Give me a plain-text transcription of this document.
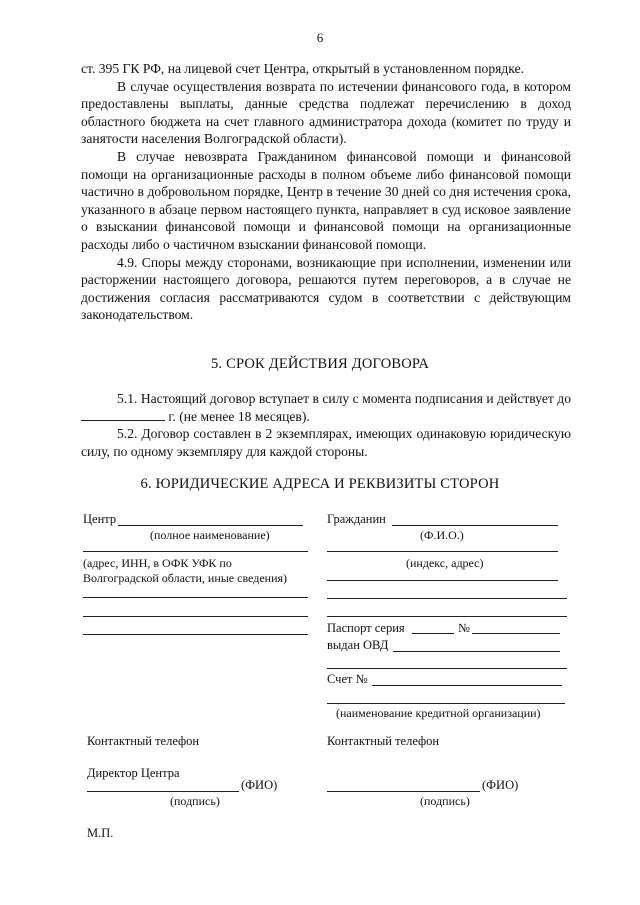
6

ст. 395 ГК РФ, на лицевой счет Центра, открытый в установленном порядке.

В случае осуществления возврата по истечении финансового года, в котором предоставлены выплаты, данные средства подлежат перечислению в доход областного бюджета на счет главного администратора дохода (комитет по труду и занятости населения Волгоградской области).

В случае невозврата Гражданином финансовой помощи и финансовой помощи на организационные расходы в полном объеме либо финансовой помощи частично в добровольном порядке, Центр в течение 30 дней со дня истечения срока, указанного в абзаце первом настоящего пункта, направляет в суд исковое заявление о взыскании финансовой помощи и финансовой помощи на организационные расходы либо о частичном взыскании финансовой помощи.

4.9. Споры между сторонами, возникающие при исполнении, изменении или расторжении настоящего договора, решаются путем переговоров, а в случае не достижения согласия рассматриваются судом в соответствии с действующим законодательством.

5. СРОК ДЕЙСТВИЯ ДОГОВОРА

5.1. Настоящий договор вступает в силу с момента подписания и действует до  г. (не менее 18 месяцев).

5.2. Договор составлен в 2 экземплярах, имеющих одинаковую юридическую силу, по одному экземпляру для каждой стороны.

6. ЮРИДИЧЕСКИЕ АДРЕСА И РЕКВИЗИТЫ СТОРОН
Центр
(полное наименование)
(адрес, ИНН, в ОФК УФК по
Волгоградской области, иные сведения)
Контактный телефон
Директор Центра
(ФИО)
(подпись)
М.П.
Гражданин
(Ф.И.О.)
(индекс, адрес)
Паспорт серия	№
выдан ОВД
Счет №
(наименование кредитной организации)
Контактный телефон
(ФИО)
(подпись)
